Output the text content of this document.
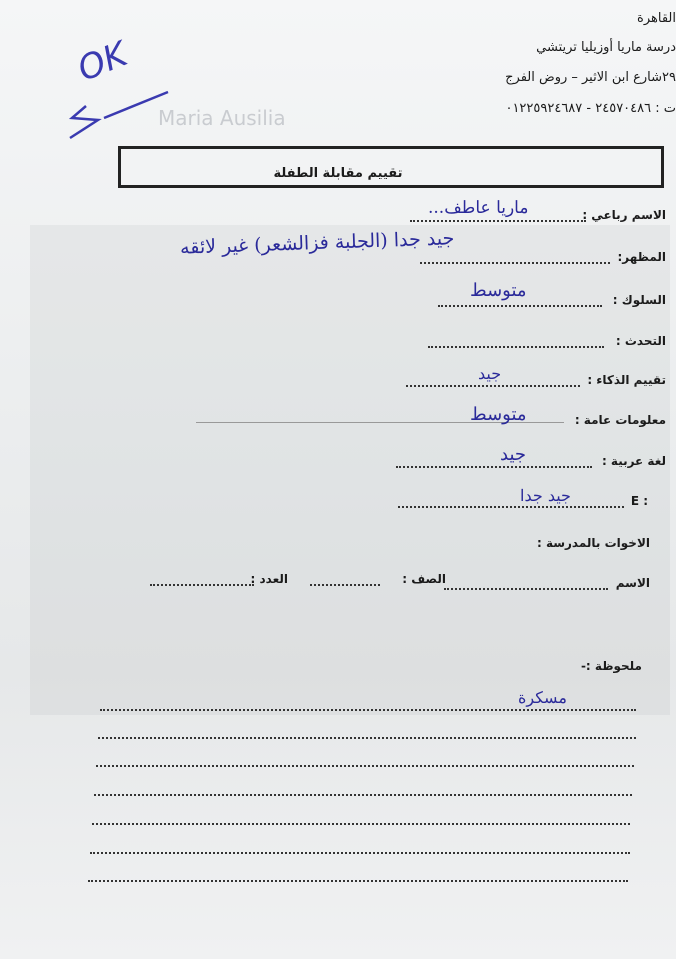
القاهرة
درسة ماريا أوزيليا تريتشي
٢٩شارع ابن الاثير – روض الفرج
ت : ٢٤٥٧٠٤٨٦ - ٠١٢٢٥٩٢٤٦٨٧
Maria Ausilia
OK
تقييم مقابلة الطفلة
الاسم رباعي :
ماريا عاطف...
المظهر:
جيد جدا (الجلبة فزالشعر) غير لائقه
السلوك :
متوسط
التحدث :
تقييم الذكاء :
جيد
معلومات عامة :
متوسط
لغة عربية :
جيد
E :
جيد جدا
الاخوات بالمدرسة :
الاسم
الصف :
العدد :
ملحوظة :-
مسكرة
